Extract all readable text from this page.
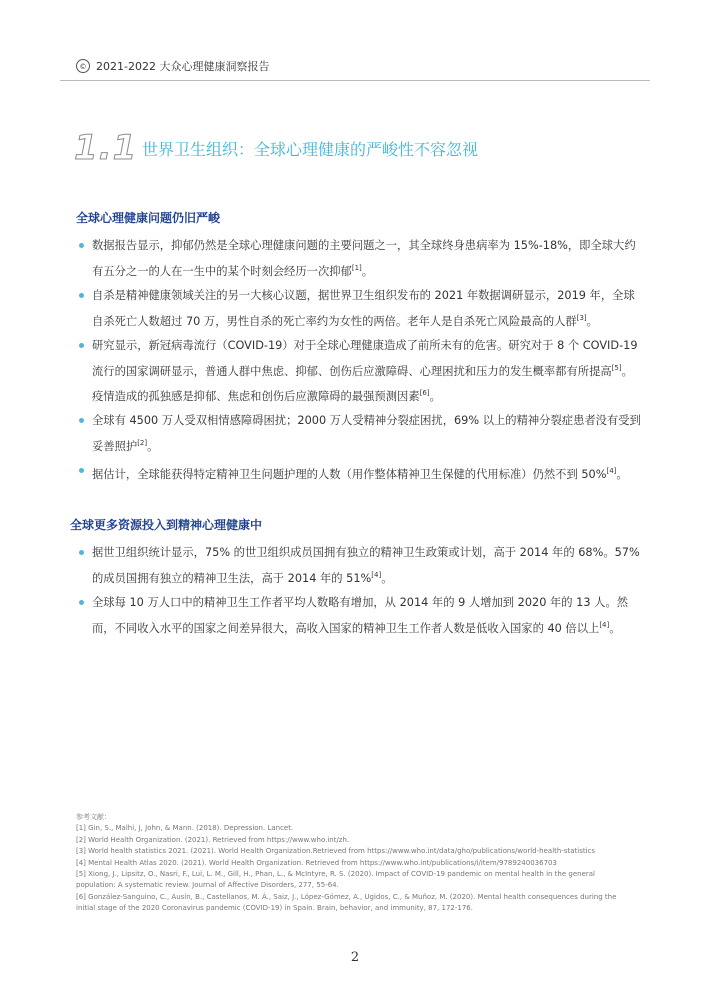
© 2021-2022 大众心理健康洞察报告
1.1 世界卫生组织：全球心理健康的严峻性不容忽视
全球心理健康问题仍旧严峻
数据报告显示，抑郁仍然是全球心理健康问题的主要问题之一，其全球终身患病率为 15%-18%，即全球大约有五分之一的人在一生中的某个时刻会经历一次抑郁[1]。
自杀是精神健康领域关注的另一大核心议题，据世界卫生组织发布的 2021 年数据调研显示，2019 年，全球自杀死亡人数超过 70 万，男性自杀的死亡率约为女性的两倍。老年人是自杀死亡风险最高的人群[3]。
研究显示，新冠病毒流行（COVID-19）对于全球心理健康造成了前所未有的危害。研究对于 8 个 COVID-19 流行的国家调研显示，普通人群中焦虑、抑郁、创伤后应激障碍、心理困扰和压力的发生概率都有所提高[5]。疫情造成的孤独感是抑郁、焦虑和创伤后应激障碍的最强预测因素[6]。
全球有 4500 万人受双相情感障碍困扰；2000 万人受精神分裂症困扰，69% 以上的精神分裂症患者没有受到妥善照护[2]。
据估计，全球能获得特定精神卫生问题护理的人数（用作整体精神卫生保健的代用标准）仍然不到 50%[4]。
全球更多资源投入到精神心理健康中
据世卫组织统计显示，75% 的世卫组织成员国拥有独立的精神卫生政策或计划，高于 2014 年的 68%。57% 的成员国拥有独立的精神卫生法，高于 2014 年的 51%[4]。
全球每 10 万人口中的精神卫生工作者平均人数略有增加，从 2014 年的 9 人增加到 2020 年的 13 人。然而，不同收入水平的国家之间差异很大，高收入国家的精神卫生工作者人数是低收入国家的 40 倍以上[4]。
参考文献：
[1] Gin, S., Malhi, J, John, & Mann. (2018). Depression. Lancet.
[2] World Health Organization. (2021). Retrieved from https://www.who.int/zh.
[3] World health statistics 2021. (2021). World Health Organization.Retrieved from https://www.who.int/data/gho/publications/world-health-statistics
[4] Mental Health Atlas 2020. (2021). World Health Organization. Retrieved from https://www.who.int/publications/i/item/9789240036703
[5] Xiong, J., Lipsitz, O., Nasri, F., Lui, L. M., Gill, H., Phan, L., & McIntyre, R. S. (2020). Impact of COVID-19 pandemic on mental health in the general population: A systematic review. Journal of Affective Disorders, 277, 55-64.
[6] González-Sanguino, C., Ausín, B., Castellanos, M. Á., Saiz, J., López-Gómez, A., Ugidos, C., & Muñoz, M. (2020). Mental health consequences during the initial stage of the 2020 Coronavirus pandemic (COVID-19) in Spain. Brain, behavior, and immunity, 87, 172-176.
2
